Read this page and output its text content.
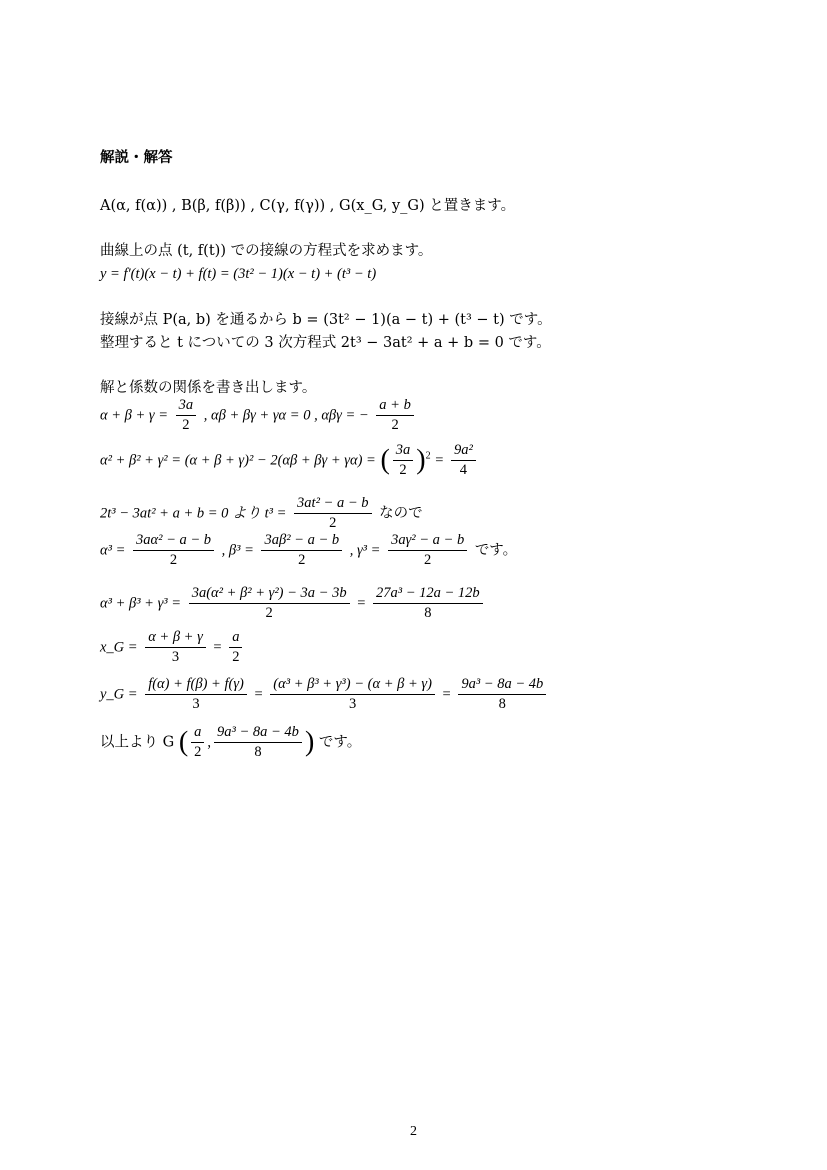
解説・解答
A(α, f(α)) , B(β, f(β)) , C(γ, f(γ)) , G(x_G, y_G) と置きます。
曲線上の点 (t, f(t)) での接線の方程式を求めます。
y = f′(t)(x − t) + f(t) = (3t² − 1)(x − t) + (t³ − t)
接線が点 P(a, b) を通るから b = (3t² − 1)(a − t) + (t³ − t) です。
整理すると t についての 3 次方程式 2t³ − 3at² + a + b = 0 です。
解と係数の関係を書き出します。
$\alpha + \beta + \gamma = \frac{3a}{2}$ , αβ + βγ + γα = 0 , αβγ = − $\frac{a + b}{2}$
α² + β² + γ² = (α + β + γ)² − 2(αβ + βγ + γα) = ( $\frac{3a}{2} )^2 = \frac{\text{9a²}}{4}$
2t³ − 3at² + a + b = 0 より $t^3 = \frac{\text{3at² − a − b}}{2}$ なので
$\alpha^3 = \frac{\text{3aα² − a − b}}{2}$ , $\beta^3 = \frac{\text{3aβ² − a − b}}{2}$ , $\gamma^3 = \frac{\text{3aγ² − a − b}}{2}$ です。
$\alpha^3 + \beta^3 + \gamma^3 = \frac{\text{3a(α² + β² + γ²) − 3a − 3b}}{2} = \frac{\text{27a³ − 12a − 12b}}{8}$
x_G = $\frac{\alpha + \beta + \gamma}{3} = \frac{a}{2}$
y_G = $\frac{f(\alpha) + f(\beta) + f(\gamma)}{3} = \frac{\text{(α³ + β³ + γ³) − (α + β + γ)}}{3} = \frac{\text{9a³ − 8a − 4b}}{8}$
以上より G ( $\frac{a}{2}$ , $\frac{\text{9a³ − 8a − 4b}}{8}$ ) です。
2
